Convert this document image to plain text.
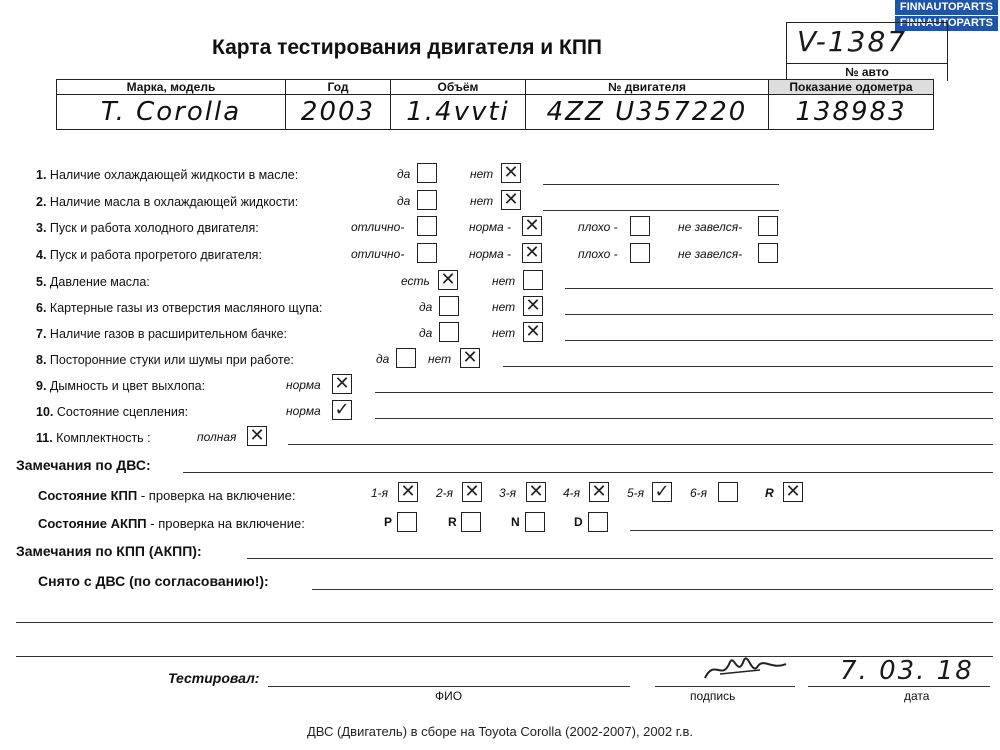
FINNAUTOPARTS
FINNAUTOPARTS
Карта тестирования двигателя и КПП	V-1387
№ авто
Марка, модель	Год	Объём	№ двигателя	Показание одометра
T. Corolla	2003	1.4vvti	4ZZ U357220	138983
1. Наличие охлаждающей жидкости в масле:	да	нет ✕
2. Наличие масла в охлаждающей жидкости:	да	нет ✕
3. Пуск и работа холодного двигателя:	отлично-	норма - ✕	плохо -	не завелся-
4. Пуск и работа прогретого двигателя:	отлично-	норма - ✕	плохо -	не завелся-
5. Давление масла:	есть ✕	нет
6. Картерные газы из отверстия масляного щупа:	да	нет ✕
7. Наличие газов в расширительном бачке:	да	нет ✕
8. Посторонние стуки или шумы при работе:	да	нет ✕
9. Дымность и цвет выхлопа:	норма ✕
10. Состояние сцепления:	норма ✓
11. Комплектность :	полная ✕
Замечания по ДВС:
Состояние КПП - проверка на включение:	1-я ✕ 2-я ✕ 3-я ✕ 4-я ✕ 5-я ✓ 6-я	R ✕
Состояние АКПП - проверка на включение:	P	R	N	D
Замечания по КПП (АКПП):
Снято с ДВС (по согласованию!):
Тестировал:
ФИО	подпись
7. 03. 18
дата
ДВС (Двигатель) в сборе на Toyota Corolla (2002-2007), 2002 г.в.
